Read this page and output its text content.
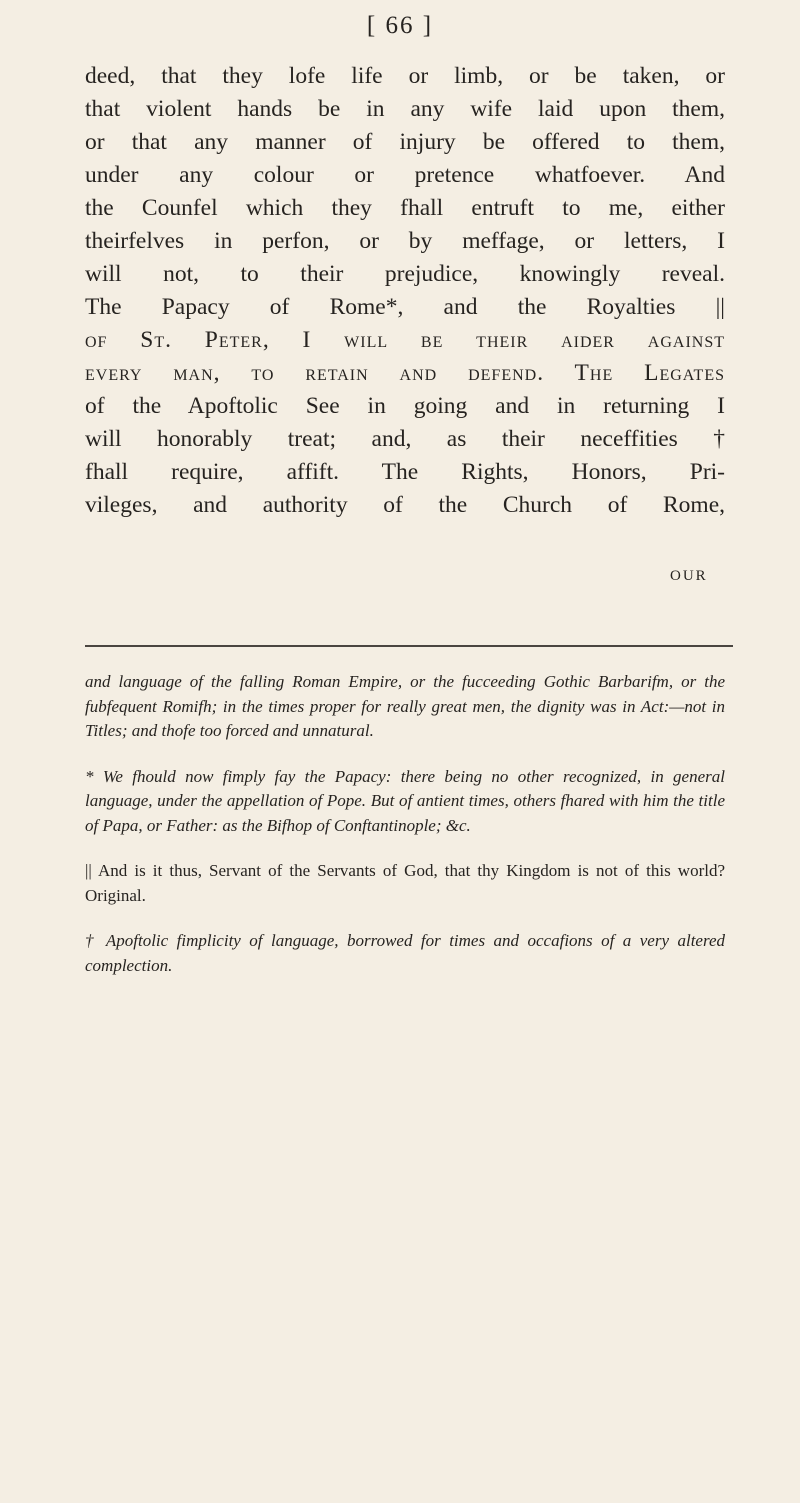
[ 66 ]
deed, that they lofe life or limb, or be taken, or
that violent hands be in any wife laid upon them,
or that any manner of injury be offered to them,
under any colour or pretence whatfoever. And
the Counfel which they fhall entruft to me, either
theirfelves in perfon, or by meffage, or letters, I
will not, to their prejudice, knowingly reveal.
The Papacy of Rome*, and the Royalties ||
of St. Peter, I will be their aider against
every man, to retain and defend. The Legates
of the Apoftolic See in going and in returning I
will honorably treat; and, as their neceffities †
fhall require, affift. The Rights, Honors, Pri-
vileges, and authority of the Church of Rome,
OUR

and language of the falling Roman Empire, or the fucceeding Gothic Barbarifm, or the fubfequent Romifh; in the times proper for really great men, the dignity was in Act:—not in Titles; and thofe too forced and unnatural.

* We fhould now fimply fay the Papacy: there being no other recognized, in general language, under the appellation of Pope. But of antient times, others fhared with him the title of Papa, or Father: as the Bifhop of Conftantinople; &c.

|| And is it thus, Servant of the Servants of God, that thy Kingdom is not of this world? Original.

† Apoftolic fimplicity of language, borrowed for times and occafions of a very altered complection.
